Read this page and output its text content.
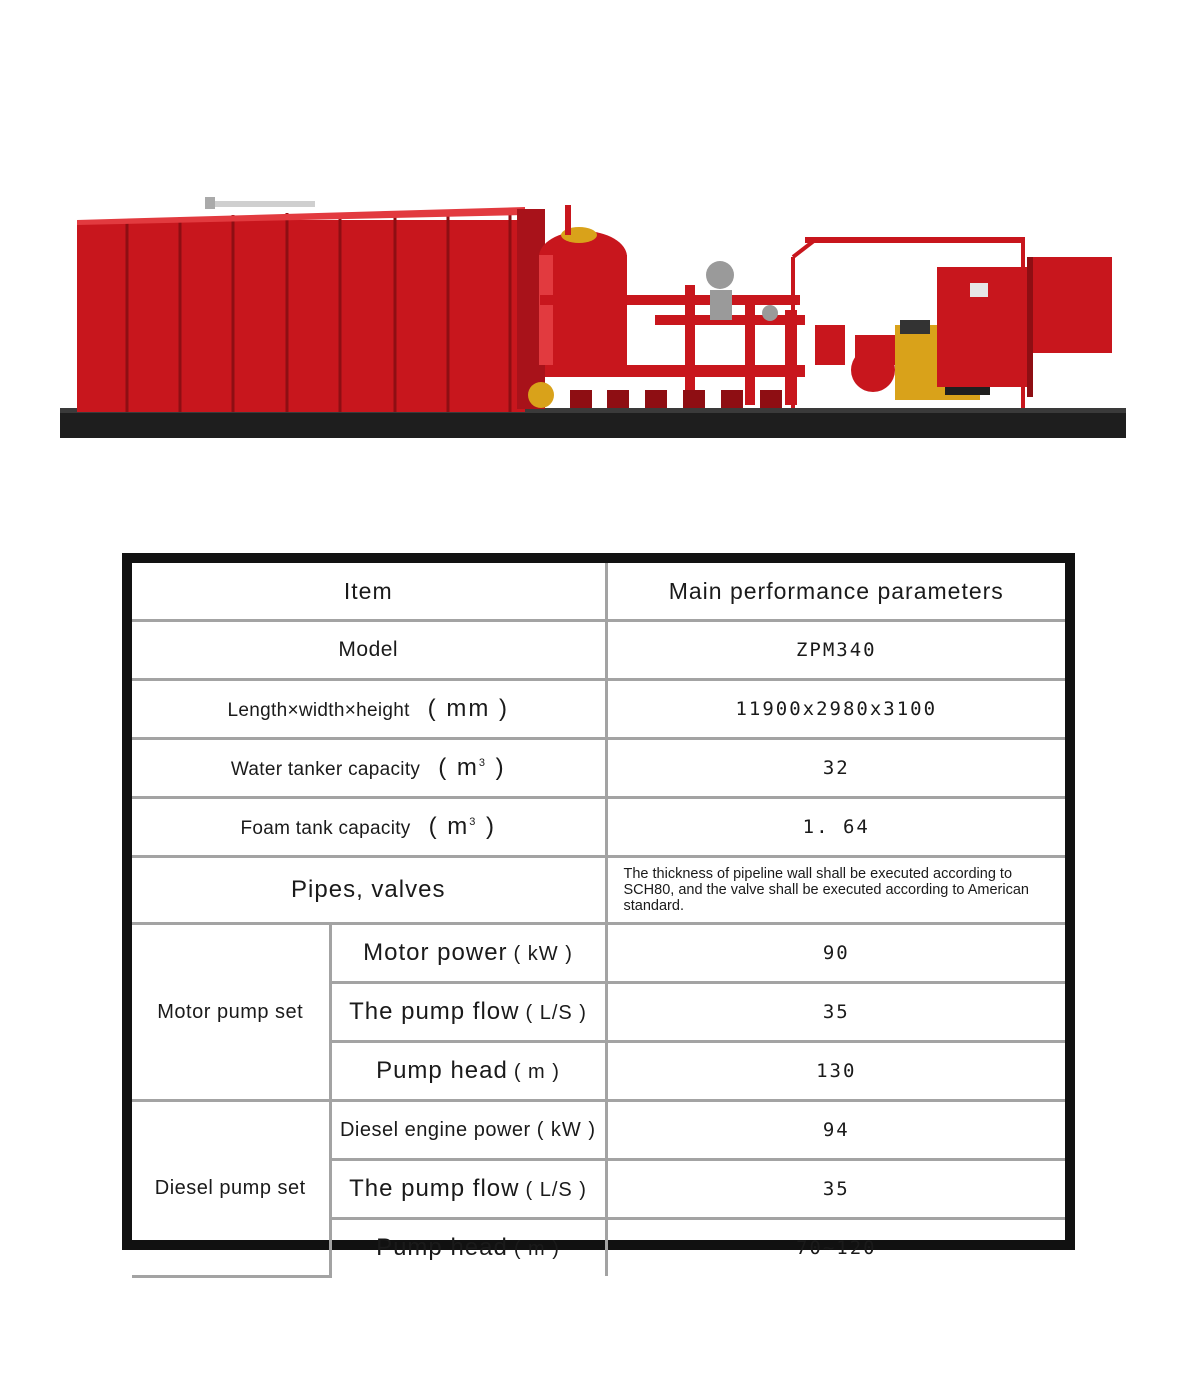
Item		Main performance parameters
Model		ZPM340
Length×width×height ( mm )		11900x2980x3100
Water tanker capacity ( $m^3$ )		32
Foam tank capacity ( $m^3$ )		1. 64
Pipes, valves		The thickness of pipeline wall shall be executed according to SCH80, and the valve shall be executed according to American standard.
Motor pump set	Motor power ( kW )	90
	The pump flow ( L/S )	35
	Pump head ( m )	130
Diesel pump set	Diesel engine power ( kW )	94
	The pump flow ( L/S )	35
	Pump head ( m )	70~120
